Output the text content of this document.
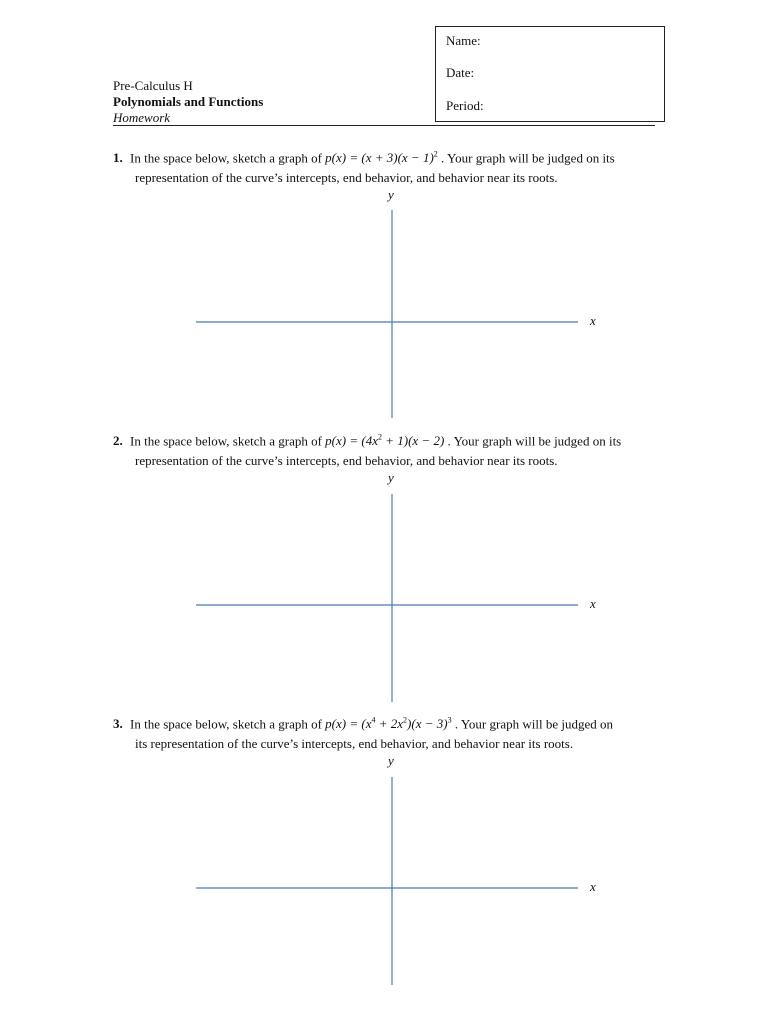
Name:
Date:
Period:
Pre-Calculus H
Polynomials and Functions
Homework
1. In the space below, sketch a graph of $p(x) = (x + 3)(x - 1)^2$ . Your graph will be judged on its
representation of the curve’s intercepts, end behavior, and behavior near its roots.
2. In the space below, sketch a graph of $p(x) = (4x^2 + 1)(x - 2)$ . Your graph will be judged on its
representation of the curve’s intercepts, end behavior, and behavior near its roots.
3. In the space below, sketch a graph of $p(x) = (x^4 + 2x^2)(x - 3)^3$ . Your graph will be judged on
its representation of the curve’s intercepts, end behavior, and behavior near its roots.
y
x
y
x
y
x
